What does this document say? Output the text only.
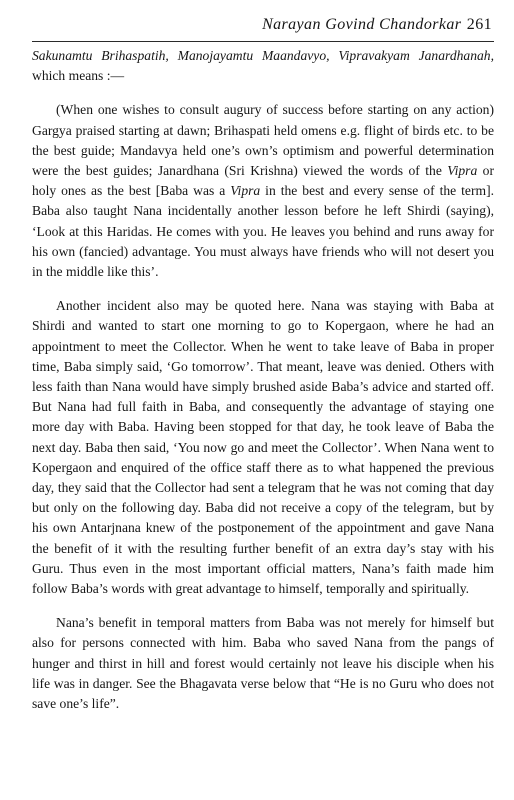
Narayan Govind Chandorkar 261

Sakunamtu Brihaspatih, Manojayamtu Maandavyo, Vipravakyam Janardhanah, which means :—

(When one wishes to consult augury of success before starting on any action) Gargya praised starting at dawn; Brihaspati held omens e.g. flight of birds etc. to be the best guide; Mandavya held one’s own’s optimism and powerful determination were the best guides; Janardhana (Sri Krishna) viewed the words of the Vipra or holy ones as the best [Baba was a Vipra in the best and every sense of the term]. Baba also taught Nana incidentally another lesson before he left Shirdi (saying), ‘Look at this Haridas. He comes with you. He leaves you behind and runs away for his own (fancied) advantage. You must always have friends who will not desert you in the middle like this’.

Another incident also may be quoted here. Nana was staying with Baba at Shirdi and wanted to start one morning to go to Kopergaon, where he had an appointment to meet the Collector. When he went to take leave of Baba in proper time, Baba simply said, ‘Go tomorrow’. That meant, leave was denied. Others with less faith than Nana would have simply brushed aside Baba’s advice and started off. But Nana had full faith in Baba, and consequently the advantage of staying one more day with Baba. Having been stopped for that day, he took leave of Baba the next day. Baba then said, ‘You now go and meet the Collector’. When Nana went to Kopergaon and enquired of the office staff there as to what happened the previous day, they said that the Collector had sent a telegram that he was not coming that day but only on the following day. Baba did not receive a copy of the telegram, but by his own Antarjnana knew of the postponement of the appointment and gave Nana the benefit of it with the resulting further benefit of an extra day’s stay with his Guru. Thus even in the most important official matters, Nana’s faith made him follow Baba’s words with great advantage to himself, temporally and spiritually.

Nana’s benefit in temporal matters from Baba was not merely for himself but also for persons connected with him. Baba who saved Nana from the pangs of hunger and thirst in hill and forest would certainly not leave his disciple when his life was in danger. See the Bhagavata verse below that “He is no Guru who does not save one’s life”.
